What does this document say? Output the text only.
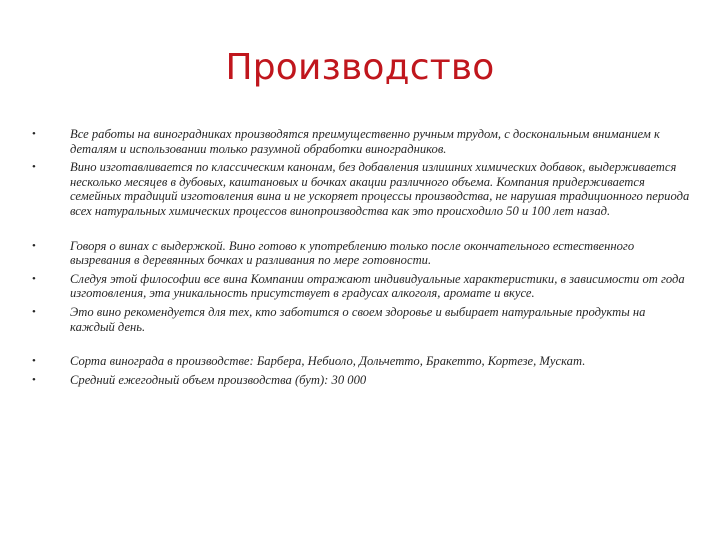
Производство
•	Все работы на виноградниках производятся преимущественно ручным трудом, с доскональным вниманием к деталям и использовании только разумной обработки виноградников.
•	Вино изготавливается по классическим канонам, без добавления излишних химических добавок, выдерживается несколько месяцев в дубовых, каштановых и бочках акации различного объема. Компания придерживается семейных традиций изготовления вина и не ускоряет процессы производства, не нарушая традиционного периода всех натуральных химических процессов винопроизводства как это происходило 50 и 100 лет назад.
•	Говоря о винах с выдержкой. Вино готово к употреблению только после окончательного естественного вызревания в деревянных бочках и разливания по мере готовности.
•	Следуя этой философии все вина Компании отражают индивидуальные характеристики, в зависимости от года изготовления, эта уникальность присутствует в градусах алкоголя, аромате и вкусе.
•	Это вино рекомендуется для тех, кто заботится о своем здоровье и выбирает натуральные продукты на каждый день.
•	Сорта винограда в производстве: Барбера, Небиоло, Дольчетто, Бракетто, Кортезе, Мускат.
•	Средний ежегодный объем производства (бут): 30 000
